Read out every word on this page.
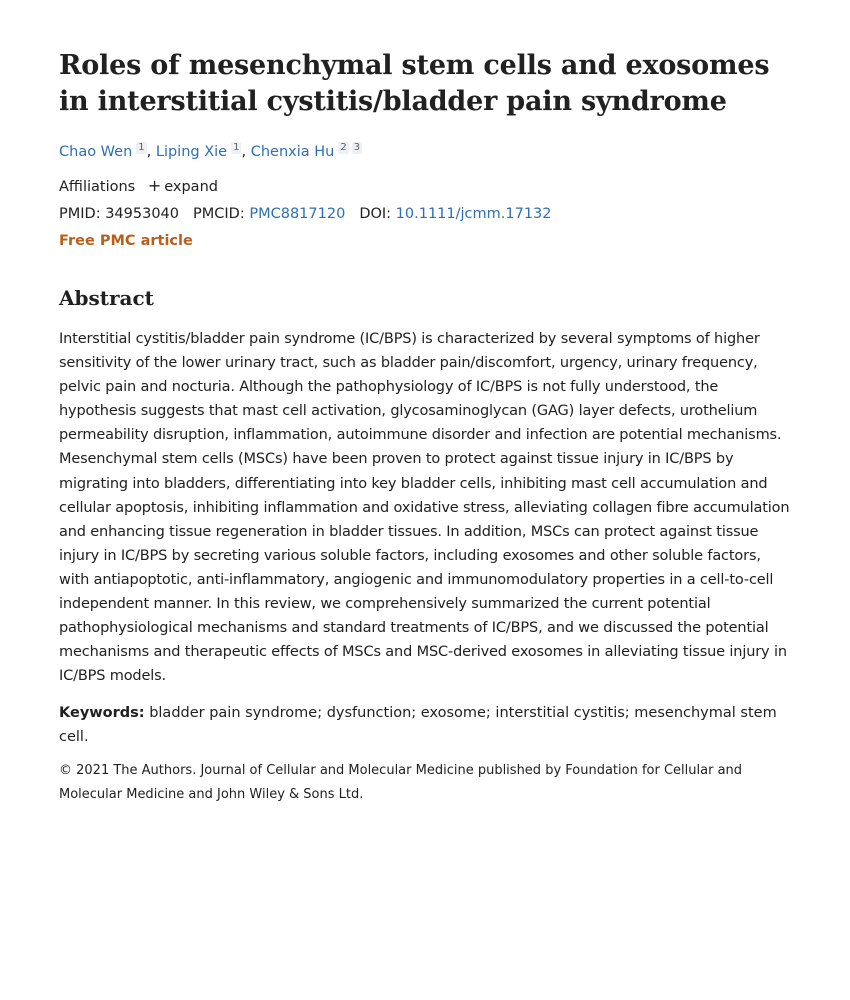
Roles of mesenchymal stem cells and exosomes in interstitial cystitis/bladder pain syndrome
Chao Wen 1 , Liping Xie 1 , Chenxia Hu 2 3
Affiliations + expand
PMID: 34953040 PMCID: PMC8817120 DOI: 10.1111/jcmm.17132
Free PMC article
Abstract

Interstitial cystitis/bladder pain syndrome (IC/BPS) is characterized by several symptoms of higher sensitivity of the lower urinary tract, such as bladder pain/discomfort, urgency, urinary frequency, pelvic pain and nocturia. Although the pathophysiology of IC/BPS is not fully understood, the hypothesis suggests that mast cell activation, glycosaminoglycan (GAG) layer defects, urothelium permeability disruption, inflammation, autoimmune disorder and infection are potential mechanisms. Mesenchymal stem cells (MSCs) have been proven to protect against tissue injury in IC/BPS by migrating into bladders, differentiating into key bladder cells, inhibiting mast cell accumulation and cellular apoptosis, inhibiting inflammation and oxidative stress, alleviating collagen fibre accumulation and enhancing tissue regeneration in bladder tissues. In addition, MSCs can protect against tissue injury in IC/BPS by secreting various soluble factors, including exosomes and other soluble factors, with antiapoptotic, anti-inflammatory, angiogenic and immunomodulatory properties in a cell-to-cell independent manner. In this review, we comprehensively summarized the current potential pathophysiological mechanisms and standard treatments of IC/BPS, and we discussed the potential mechanisms and therapeutic effects of MSCs and MSC-derived exosomes in alleviating tissue injury in IC/BPS models.

Keywords: bladder pain syndrome; dysfunction; exosome; interstitial cystitis; mesenchymal stem cell.
© 2021 The Authors. Journal of Cellular and Molecular Medicine published by Foundation for Cellular and Molecular Medicine and John Wiley & Sons Ltd.
